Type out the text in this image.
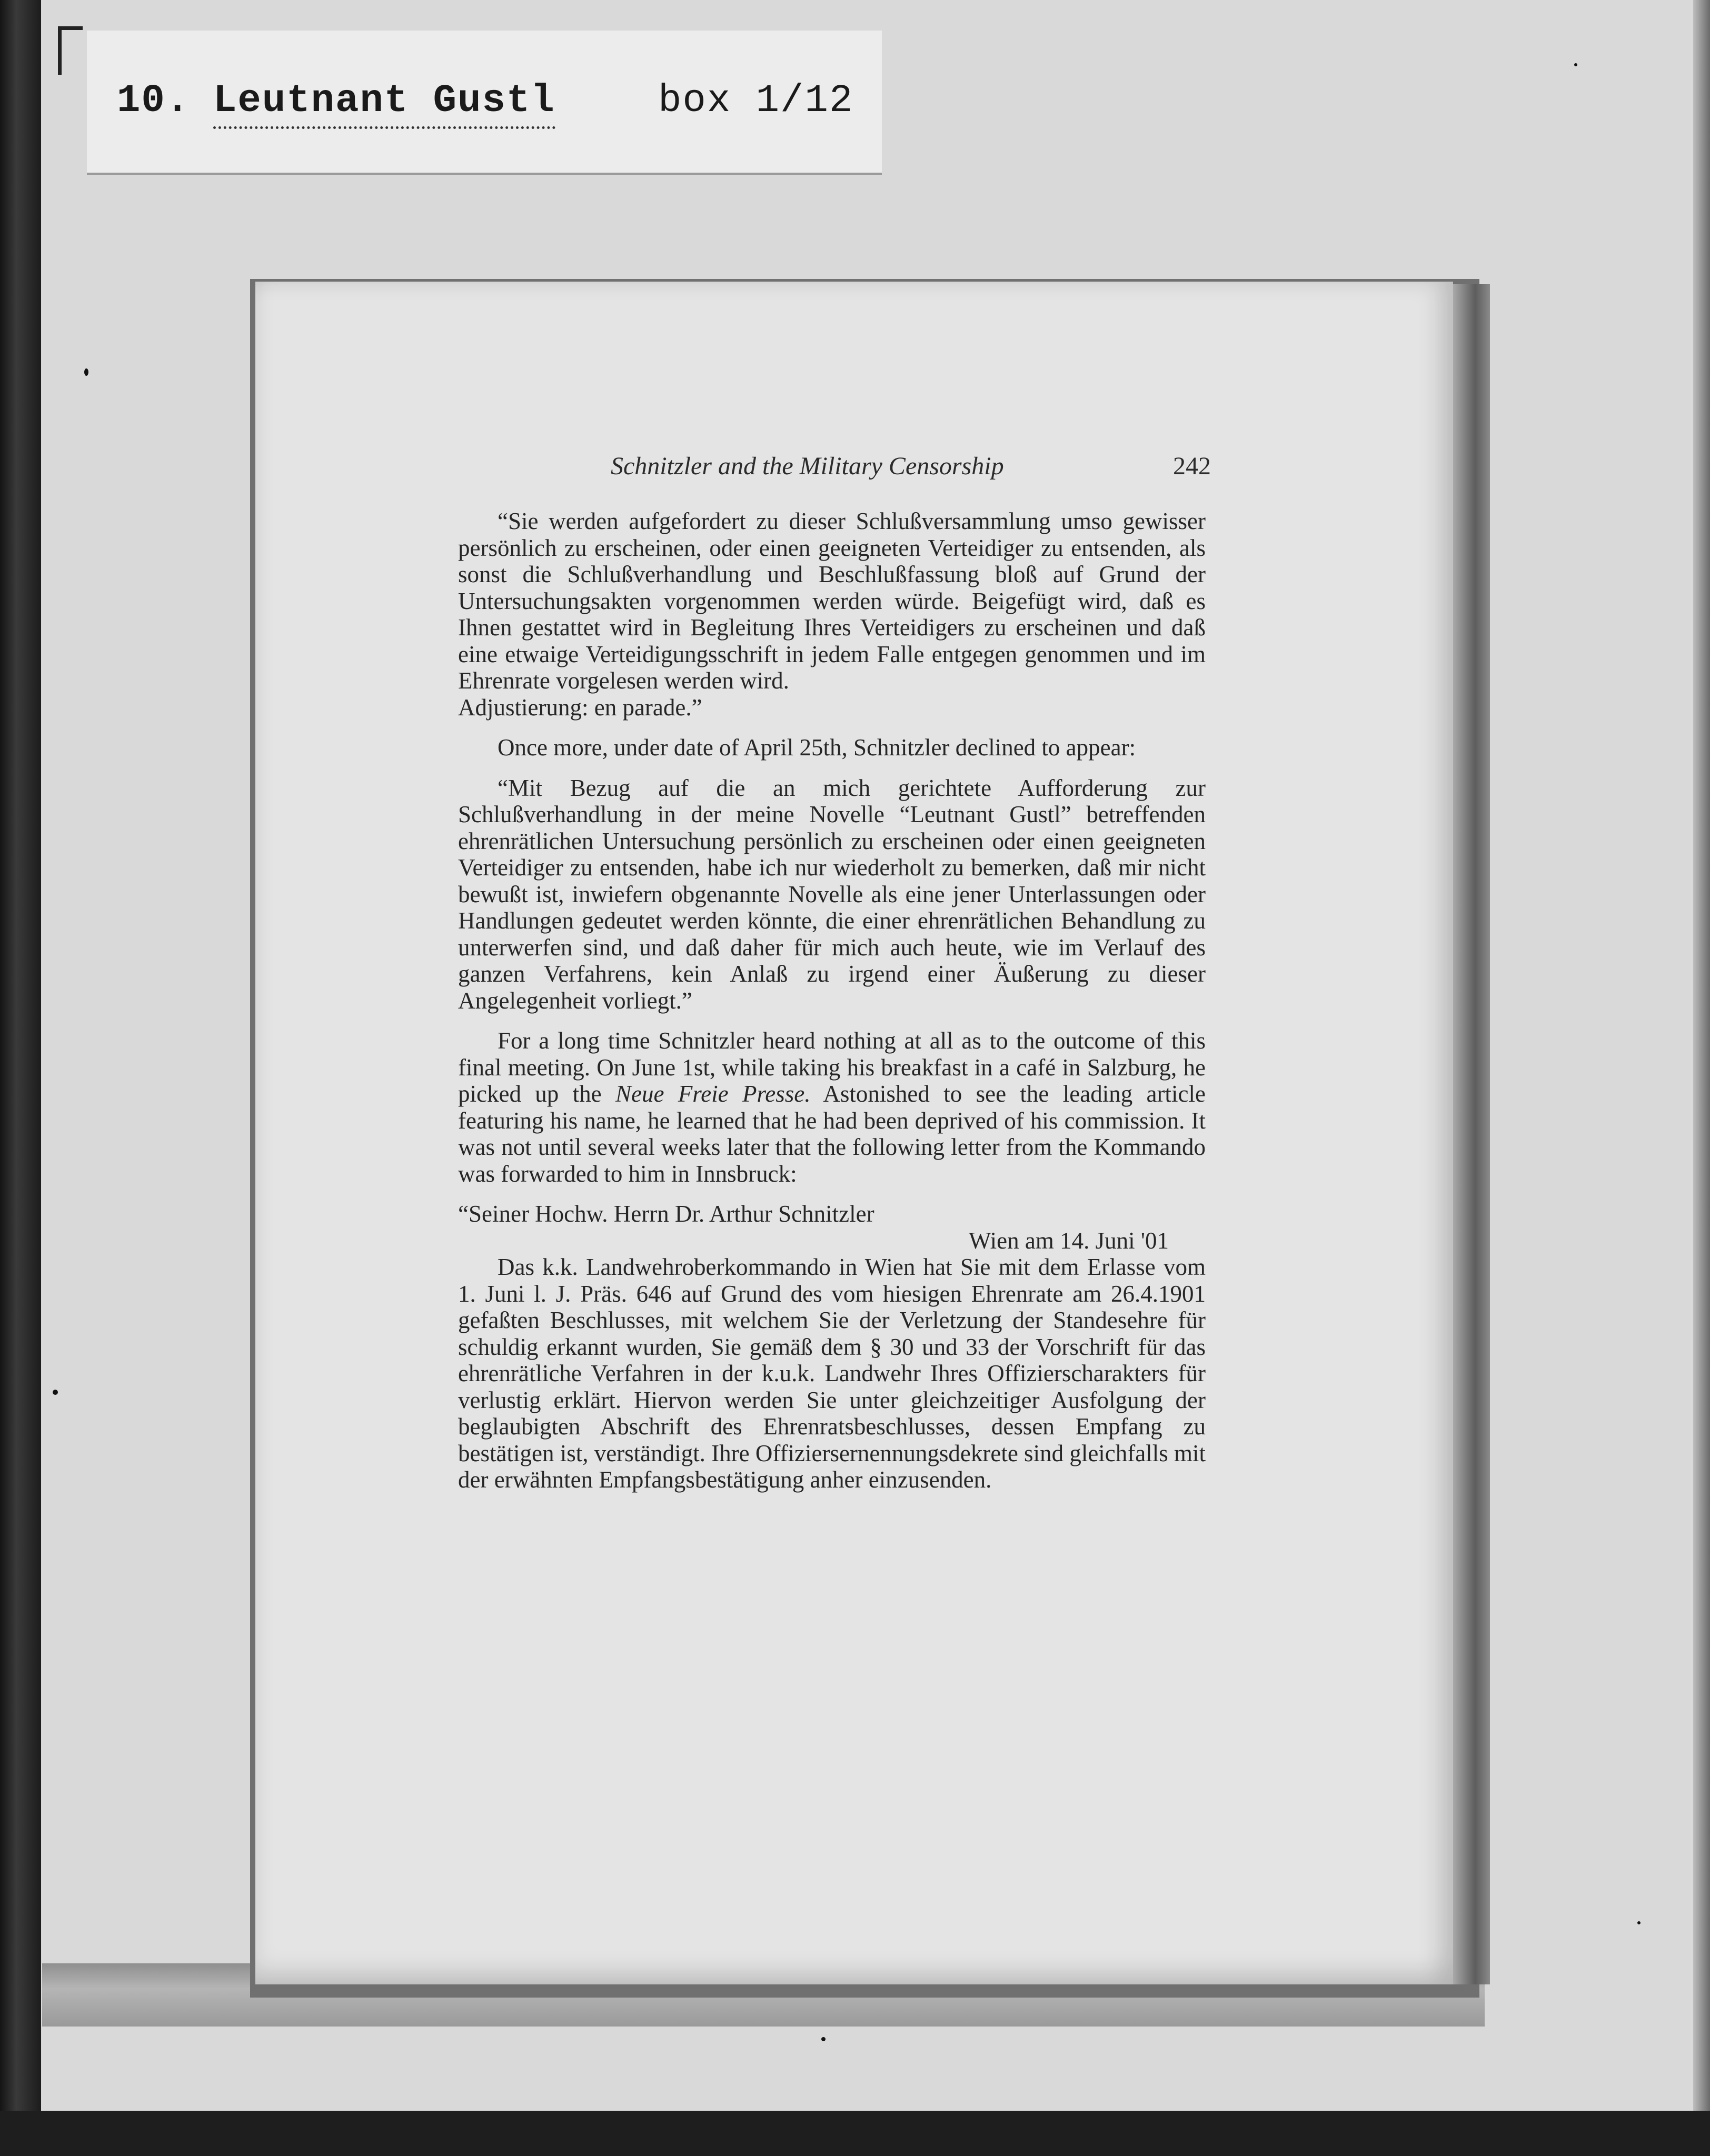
10. Leutnant Gustl	box 1/12
Schnitzler and the Military Censorship	242

“Sie werden aufgefordert zu dieser Schlußversammlung umso gewisser persönlich zu erscheinen, oder einen geeigneten Verteidiger zu entsenden, als sonst die Schlußverhandlung und Beschlußfassung bloß auf Grund der Untersuchungsakten vorgenommen werden würde. Beigefügt wird, daß es Ihnen gestattet wird in Begleitung Ihres Verteidigers zu erscheinen und daß eine etwaige Verteidigungsschrift in jedem Falle entgegen genommen und im Ehrenrate vorgelesen werden wird.

Adjustierung: en parade.”

Once more, under date of April 25th, Schnitzler declined to appear:

“Mit Bezug auf die an mich gerichtete Aufforderung zur Schlußverhandlung in der meine Novelle “Leutnant Gustl” betreffenden ehrenrätlichen Untersuchung persönlich zu erscheinen oder einen geeigneten Verteidiger zu entsenden, habe ich nur wiederholt zu bemerken, daß mir nicht bewußt ist, inwiefern obgenannte Novelle als eine jener Unterlassungen oder Handlungen gedeutet werden könnte, die einer ehrenrätlichen Behandlung zu unterwerfen sind, und daß daher für mich auch heute, wie im Verlauf des ganzen Verfahrens, kein Anlaß zu irgend einer Äußerung zu dieser Angelegenheit vorliegt.”

For a long time Schnitzler heard nothing at all as to the outcome of this final meeting. On June 1st, while taking his breakfast in a café in Salzburg, he picked up the Neue Freie Presse. Astonished to see the leading article featuring his name, he learned that he had been deprived of his commission. It was not until several weeks later that the following letter from the Kommando was forwarded to him in Innsbruck:

“Seiner Hochw. Herrn Dr. Arthur Schnitzler

Wien am 14. Juni '01

Das k.k. Landwehroberkommando in Wien hat Sie mit dem Erlasse vom 1. Juni l. J. Präs. 646 auf Grund des vom hiesigen Ehrenrate am 26.4.1901 gefaßten Beschlusses, mit welchem Sie der Verletzung der Standesehre für schuldig erkannt wurden, Sie gemäß dem § 30 und 33 der Vorschrift für das ehrenrätliche Verfahren in der k.u.k. Landwehr Ihres Offizierscharakters für verlustig erklärt. Hiervon werden Sie unter gleichzeitiger Ausfolgung der beglaubigten Abschrift des Ehrenratsbeschlusses, dessen Empfang zu bestätigen ist, verständigt. Ihre Offiziersernennungsdekrete sind gleichfalls mit der erwähnten Empfangsbestätigung anher einzusenden.
